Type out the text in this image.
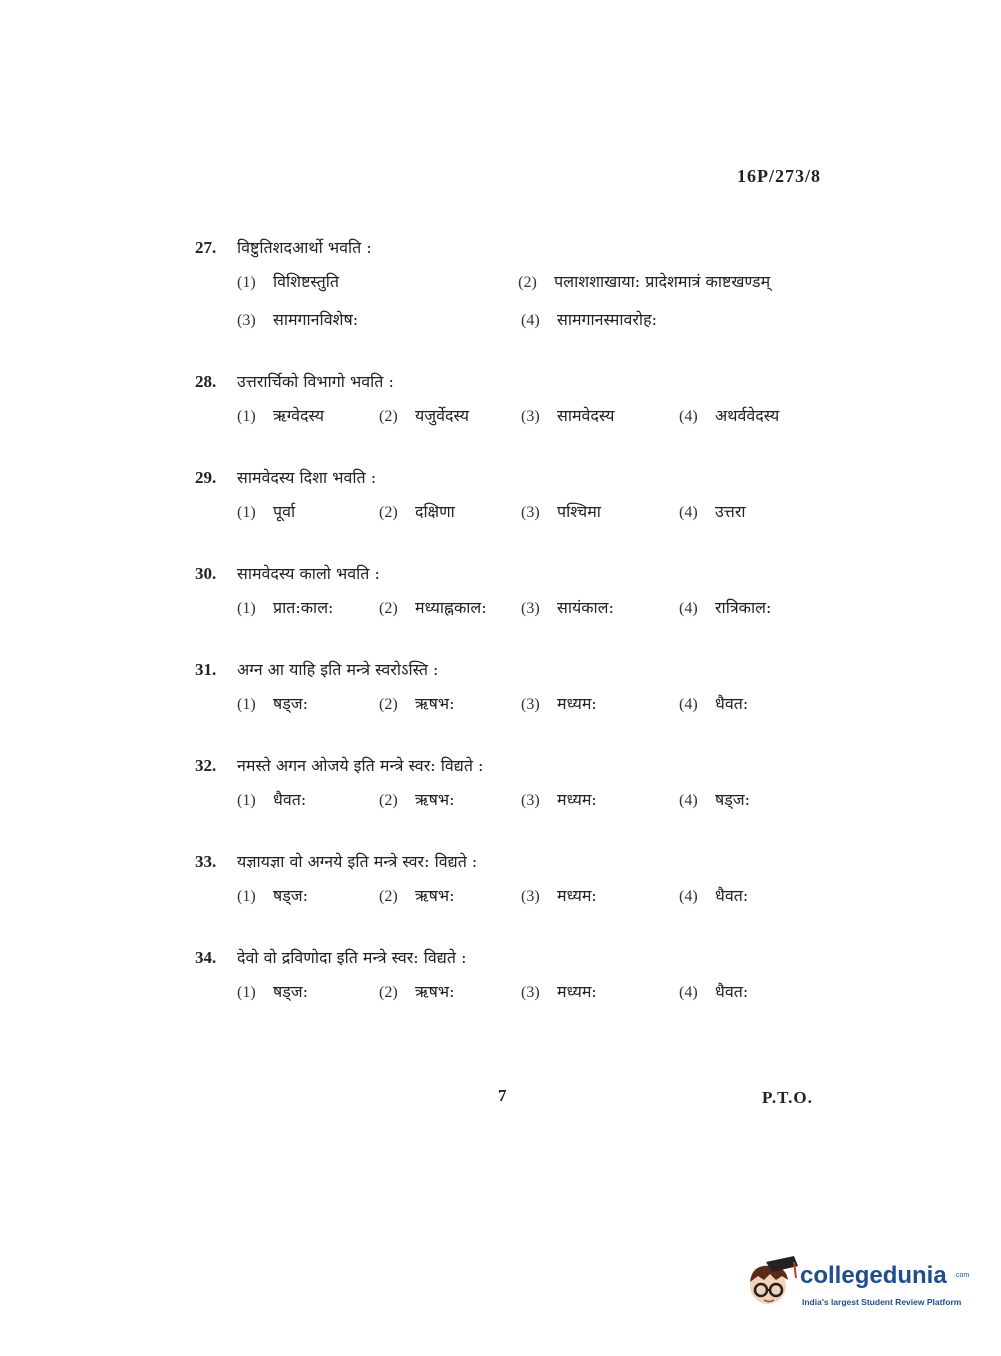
16P/273/8
27.	विष्टुतिशदआर्थो भवति :
(1)	विशिष्टस्तुति	(2)	पलाशशाखाया: प्रादेशमात्रं काष्टखण्डम्
(3)	सामगानविशेष:	(4)	सामगानस्मावरोह:
28.	उत्तरार्चिको विभागो भवति :
(1)	ऋग्वेदस्य	(2)	यजुर्वेदस्य	(3)	सामवेदस्य	(4)	अथर्ववेदस्य
29.	सामवेदस्य दिशा भवति :
(1)	पूर्वा	(2)	दक्षिणा	(3)	पश्चिमा	(4)	उत्तरा
30.	सामवेदस्य कालो भवति :
(1)	प्रात:काल:	(2)	मध्याह्नकाल: (3)	सायंकाल:	(4)	रात्रिकाल:
31.	अग्न आ याहि इति मन्त्रे स्वरोऽस्ति :
(1)	षड्ज:	(2)	ऋषभ:	(3)	मध्यम:	(4)	धैवत:
32.	नमस्ते अगन ओजये इति मन्त्रे स्वर: विद्यते :
(1)	धैवत:	(2)	ऋषभ:	(3)	मध्यम:	(4)	षड्ज:
33.	यज्ञायज्ञा वो अग्नये इति मन्त्रे स्वर: विद्यते :
(1)	षड्ज:	(2)	ऋषभ:	(3)	मध्यम:	(4)	धैवत:
34.	देवो वो द्रविणोदा इति मन्त्रे स्वर: विद्यते :
(1)	षड्ज:	(2)	ऋषभ:	(3)	मध्यम:	(4)	धैवत:
7	P.T.O.
collegedunia .com
India's largest Student Review Platform
